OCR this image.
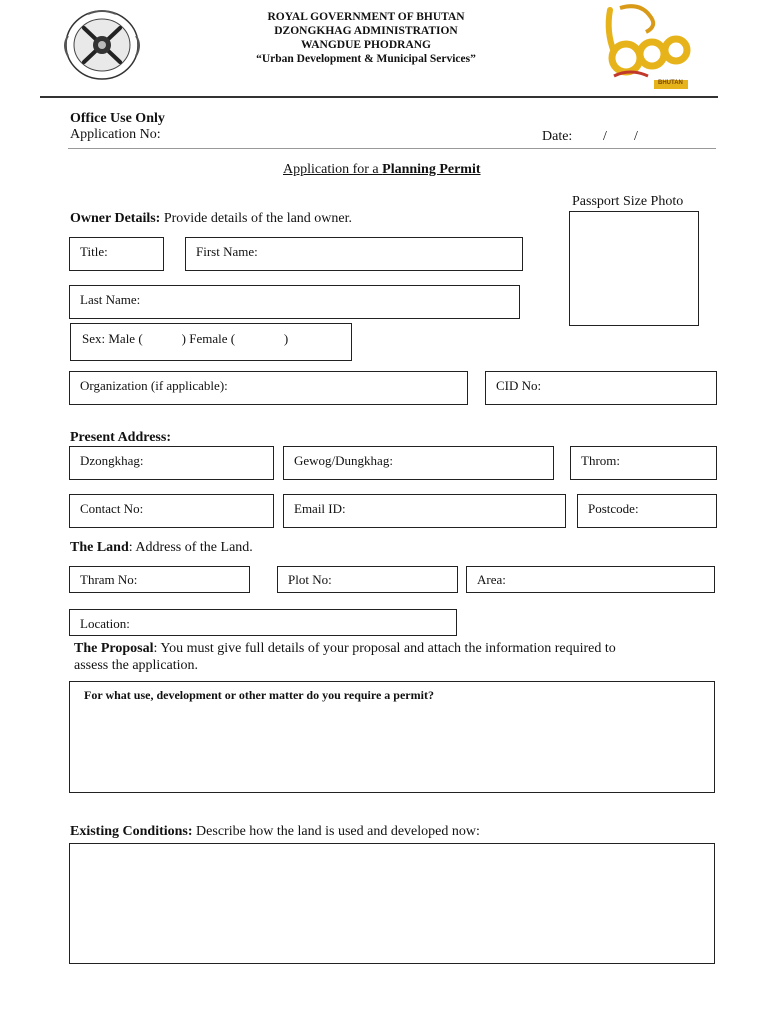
ROYAL GOVERNMENT OF BHUTAN
DZONGKHAG ADMINISTRATION
WANGDUE PHODRANG
“Urban Development & Municipal Services”
BHUTAN
Office Use Only
Application No:	Date: / /
Application for a Planning Permit
Passport Size Photo
Owner Details: Provide details of the land owner.
Title:	First Name:
Last Name:
Sex: Male (            ) Female (               )
Organization (if applicable):	CID No:
Present Address:
Dzongkhag:	Gewog/Dungkhag:	Throm:
Contact No:	Email ID:	Postcode:
The Land: Address of the Land.
Thram No:	Plot No:	Area:
Location:
The Proposal: You must give full details of your proposal and attach the information required to
assess the application.
For what use, development or other matter do you require a permit?
Existing Conditions: Describe how the land is used and developed now:
